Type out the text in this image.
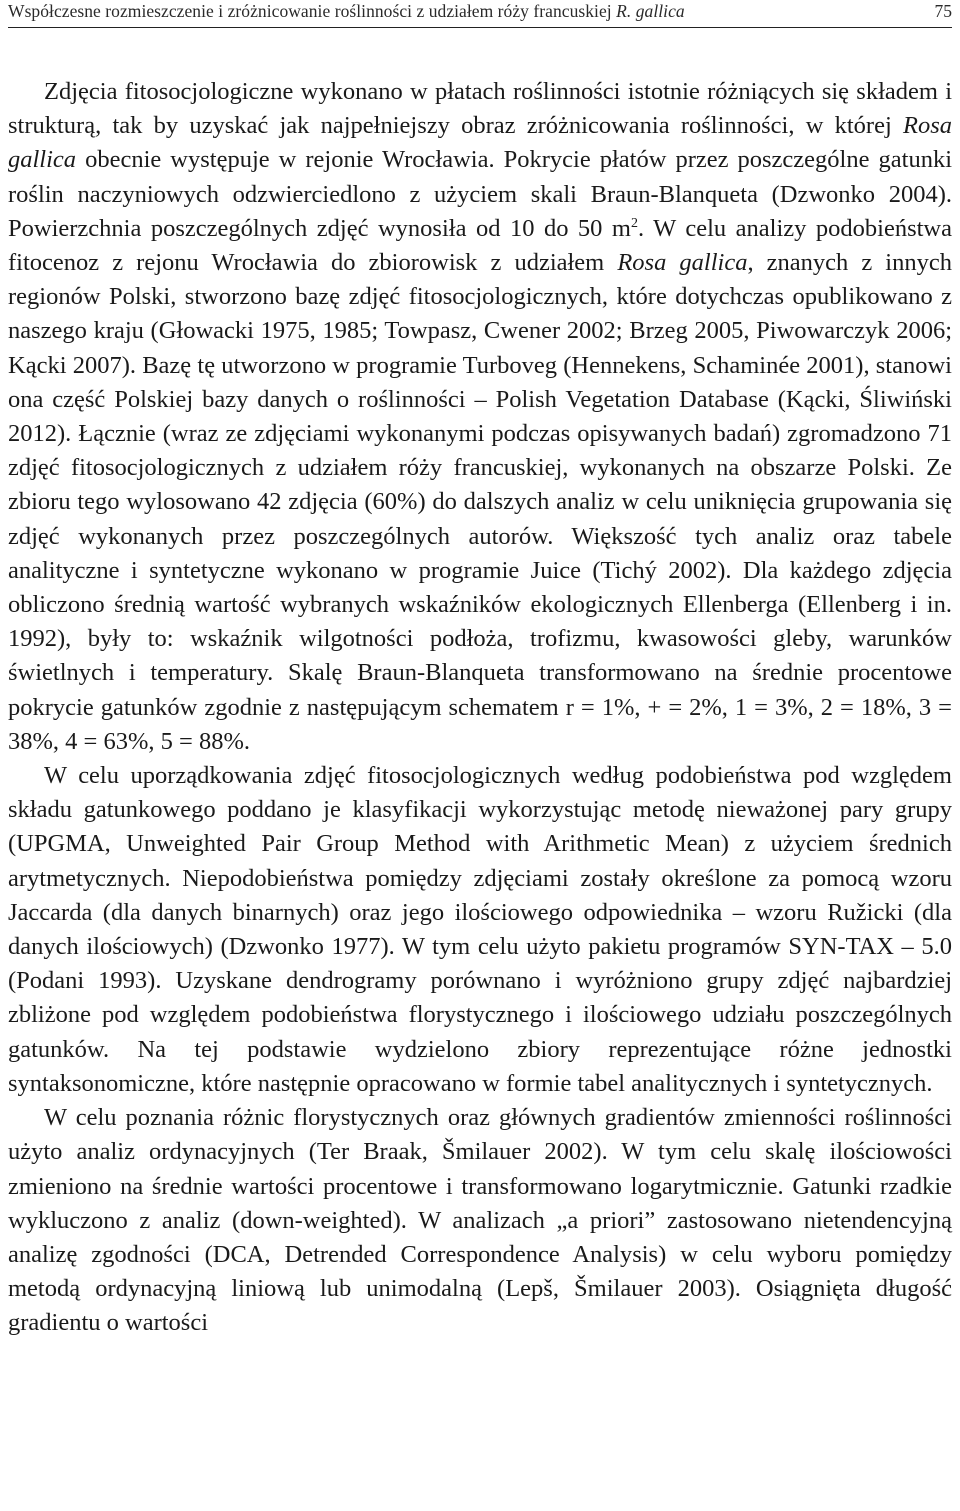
Współczesne rozmieszczenie i zróżnicowanie roślinności z udziałem róży francuskiej R. gallica	75

Zdjęcia fitosocjologiczne wykonano w płatach roślinności istotnie różniących się składem i strukturą, tak by uzyskać jak najpełniejszy obraz zróżnicowania roślinności, w której Rosa gallica obecnie występuje w rejonie Wrocławia. Pokrycie płatów przez poszczególne gatunki roślin naczyniowych odzwierciedlono z użyciem skali Braun-Blanqueta (Dzwonko 2004). Powierzchnia poszczególnych zdjęć wynosiła od 10 do 50 $m^2$. W celu analizy podobieństwa fitocenoz z rejonu Wrocławia do zbiorowisk z udziałem Rosa gallica, znanych z innych regionów Polski, stworzono bazę zdjęć fitosocjologicznych, które dotychczas opublikowano z naszego kraju (Głowacki 1975, 1985; Towpasz, Cwener 2002; Brzeg 2005, Piwowarczyk 2006; Kącki 2007). Bazę tę utworzono w programie Turboveg (Hennekens, Schaminée 2001), stanowi ona część Polskiej bazy danych o roślinności – Polish Vegetation Database (Kącki, Śliwiński 2012). Łącznie (wraz ze zdjęciami wykonanymi podczas opisywanych badań) zgromadzono 71 zdjęć fitosocjologicznych z udziałem róży francuskiej, wykonanych na obszarze Polski. Ze zbioru tego wylosowano 42 zdjęcia (60%) do dalszych analiz w celu uniknięcia grupowania się zdjęć wykonanych przez poszczególnych autorów. Większość tych analiz oraz tabele analityczne i syntetyczne wykonano w programie Juice (Tichý 2002). Dla każdego zdjęcia obliczono średnią wartość wybranych wskaźników ekologicznych Ellenberga (Ellenberg i in. 1992), były to: wskaźnik wilgotności podłoża, trofizmu, kwasowości gleby, warunków świetlnych i temperatury. Skalę Braun-Blanqueta transformowano na średnie procentowe pokrycie gatunków zgodnie z następującym schematem r = 1%, + = 2%, 1 = 3%, 2 = 18%, 3 = 38%, 4 = 63%, 5 = 88%.

W celu uporządkowania zdjęć fitosocjologicznych według podobieństwa pod względem składu gatunkowego poddano je klasyfikacji wykorzystując metodę nieważonej pary grupy (UPGMA, Unweighted Pair Group Method with Arithmetic Mean) z użyciem średnich arytmetycznych. Niepodobieństwa pomiędzy zdjęciami zostały określone za pomocą wzoru Jaccarda (dla danych binarnych) oraz jego ilościowego odpowiednika – wzoru Ružicki (dla danych ilościowych) (Dzwonko 1977). W tym celu użyto pakietu programów SYN-TAX – 5.0 (Podani 1993). Uzyskane dendrogramy porównano i wyróżniono grupy zdjęć najbardziej zbliżone pod względem podobieństwa florystycznego i ilościowego udziału poszczególnych gatunków. Na tej podstawie wydzielono zbiory reprezentujące różne jednostki syntaksonomiczne, które następnie opracowano w formie tabel analitycznych i syntetycznych.

W celu poznania różnic florystycznych oraz głównych gradientów zmienności roślinności użyto analiz ordynacyjnych (Ter Braak, Šmilauer 2002). W tym celu skalę ilościowości zmieniono na średnie wartości procentowe i transformowano logarytmicznie. Gatunki rzadkie wykluczono z analiz (down-weighted). W analizach „a priori” zastosowano nietendencyjną analizę zgodności (DCA, Detrended Correspondence Analysis) w celu wyboru pomiędzy metodą ordynacyjną liniową lub unimodalną (Lepš, Šmilauer 2003). Osiągnięta długość gradientu o wartości
